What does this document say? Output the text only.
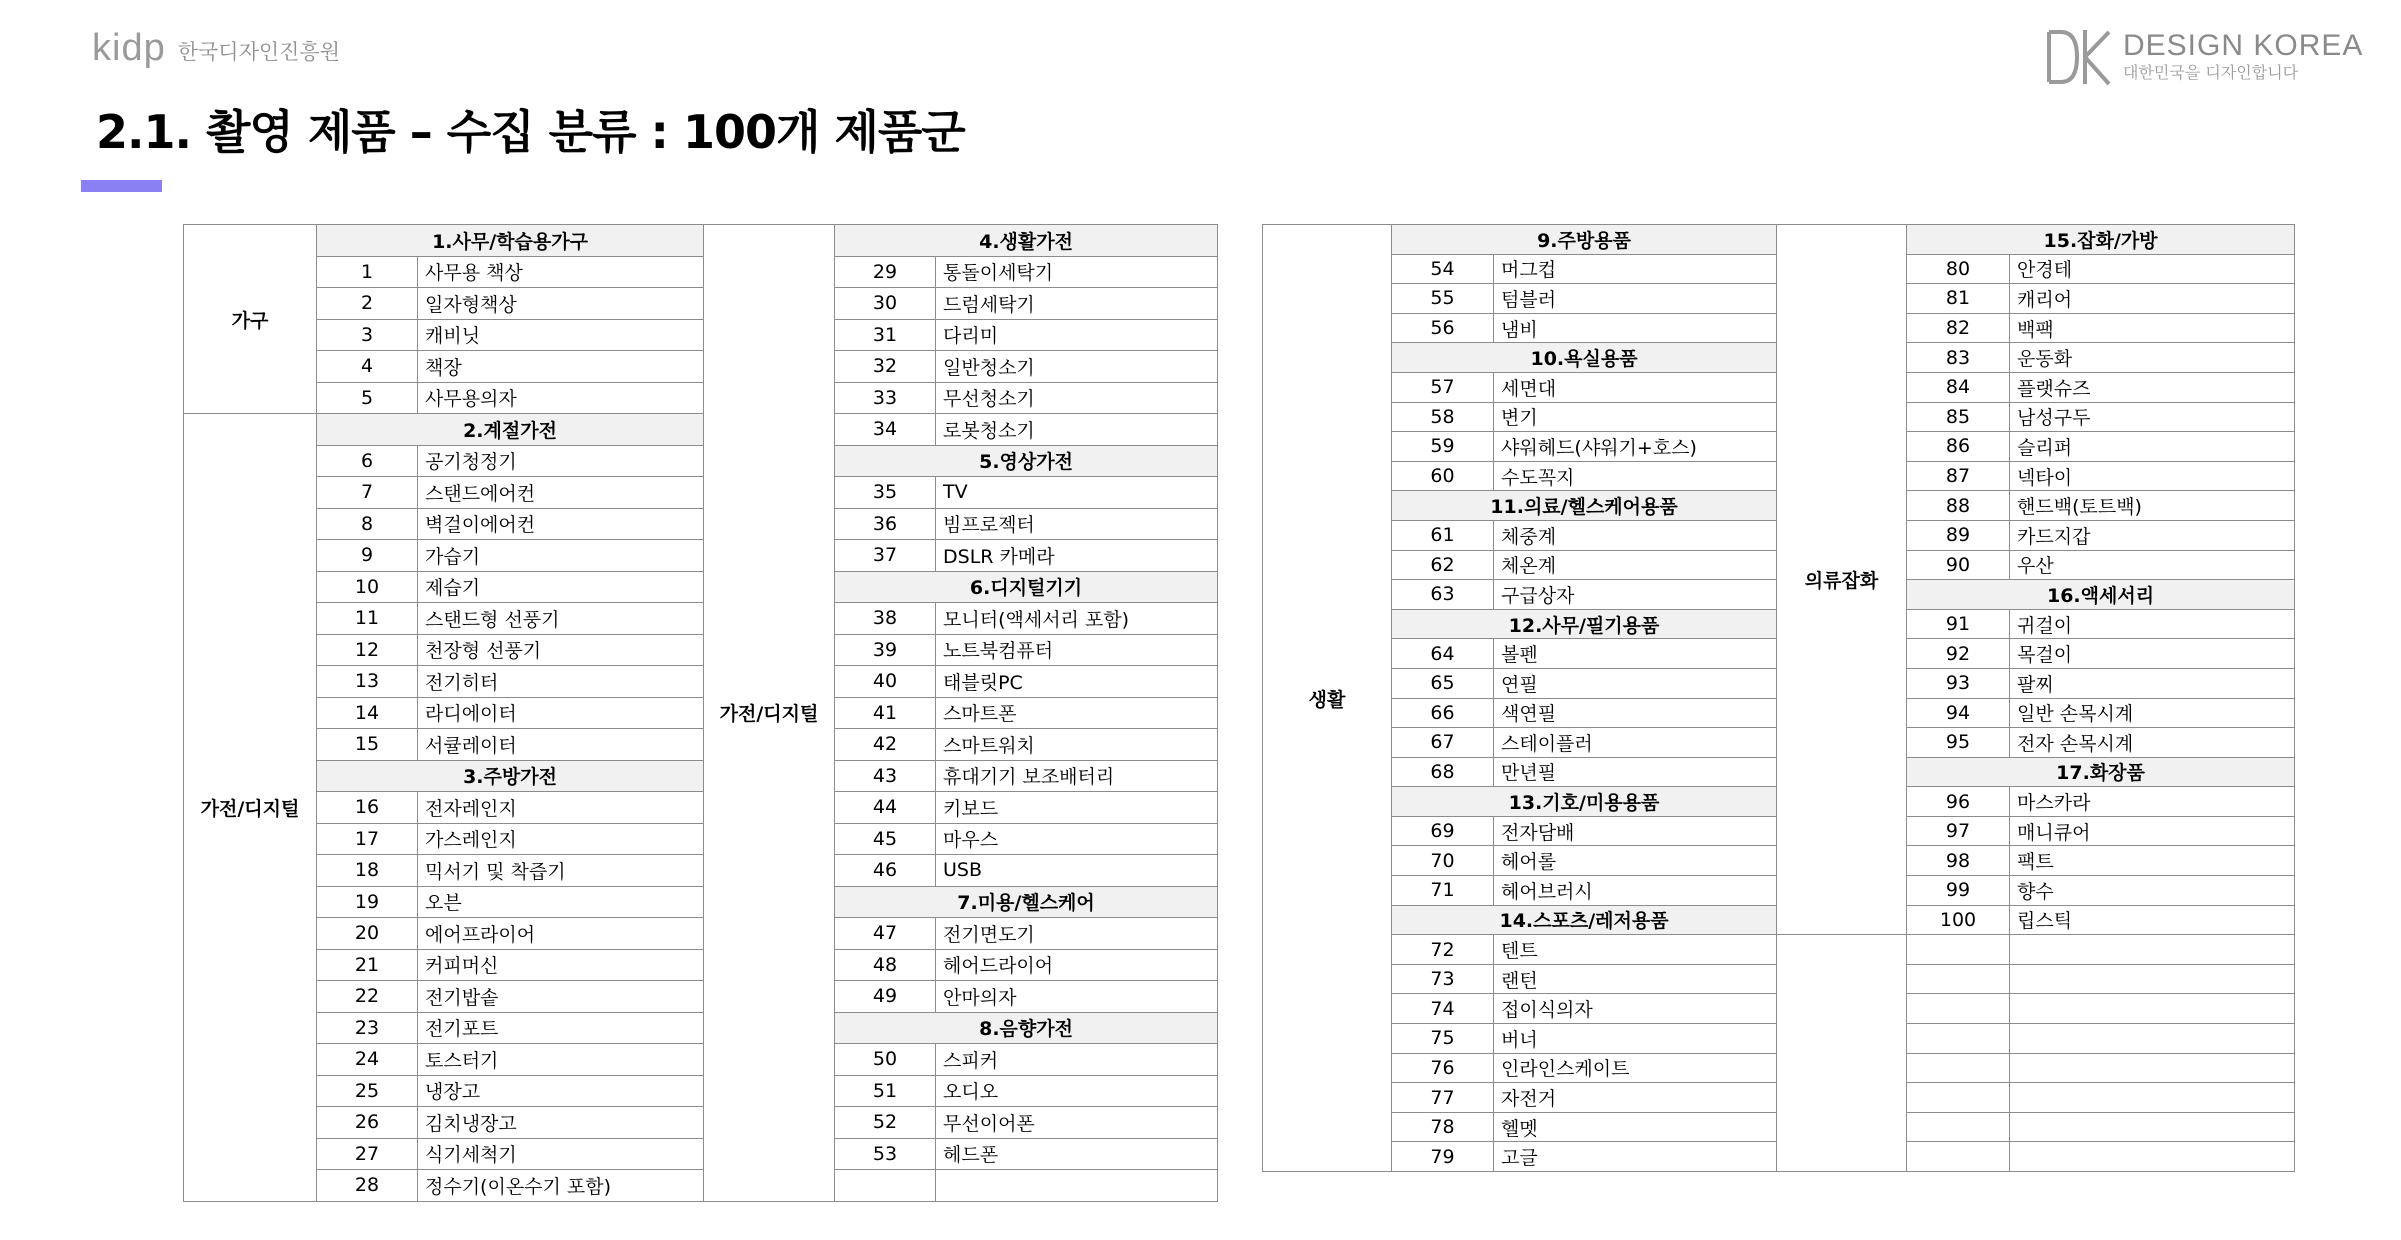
kidp 한국디자인진흥원	DESIGN KOREA
대한민국을 디자인합니다
2.1. 촬영 제품 – 수집 분류 : 100개 제품군
가구	1.사무/학습용가구		가전/디지털	4.생활가전	
	1	사무용 책상		29	통돌이세탁기
	2	일자형책상		30	드럼세탁기
	3	캐비닛		31	다리미
	4	책장		32	일반청소기
	5	사무용의자		33	무선청소기
가전/디지털	2.계절가전			34	로봇청소기
	6	공기청정기		5.영상가전	
	7	스탠드에어컨		35	TV
	8	벽걸이에어컨		36	빔프로젝터
	9	가습기		37	DSLR 카메라
	10	제습기		6.디지털기기	
	11	스탠드형 선풍기		38	모니터(액세서리 포함)
	12	천장형 선풍기		39	노트북컴퓨터
	13	전기히터		40	태블릿PC
	14	라디에이터		41	스마트폰
	15	서큘레이터		42	스마트워치
	3.주방가전			43	휴대기기 보조배터리
	16	전자레인지		44	키보드
	17	가스레인지		45	마우스
	18	믹서기 및 착즙기		46	USB
	19	오븐		7.미용/헬스케어	
	20	에어프라이어		47	전기면도기
	21	커피머신		48	헤어드라이어
	22	전기밥솥		49	안마의자
	23	전기포트		8.음향가전	
	24	토스터기		50	스피커
	25	냉장고		51	오디오
	26	김치냉장고		52	무선이어폰
	27	식기세척기		53	헤드폰
	28	정수기(이온수기 포함)			
생활	9.주방용품		의류잡화	15.잡화/가방	
	54	머그컵		80	안경테
	55	텀블러		81	캐리어
	56	냄비		82	백팩
	10.욕실용품			83	운동화
	57	세면대		84	플랫슈즈
	58	변기		85	남성구두
	59	샤워헤드(샤워기+호스)		86	슬리퍼
	60	수도꼭지		87	넥타이
	11.의료/헬스케어용품			88	핸드백(토트백)
	61	체중계		89	카드지갑
	62	체온계		90	우산
	63	구급상자		16.액세서리	
	12.사무/필기용품			91	귀걸이
	64	볼펜		92	목걸이
	65	연필		93	팔찌
	66	색연필		94	일반 손목시계
	67	스테이플러		95	전자 손목시계
	68	만년필		17.화장품	
	13.기호/미용용품			96	마스카라
	69	전자담배		97	매니큐어
	70	헤어롤		98	팩트
	71	헤어브러시		99	향수
	14.스포츠/레저용품			100	립스틱
	72	텐트			
	73	랜턴			
	74	접이식의자			
	75	버너			
	76	인라인스케이트			
	77	자전거			
	78	헬멧			
	79	고글			
